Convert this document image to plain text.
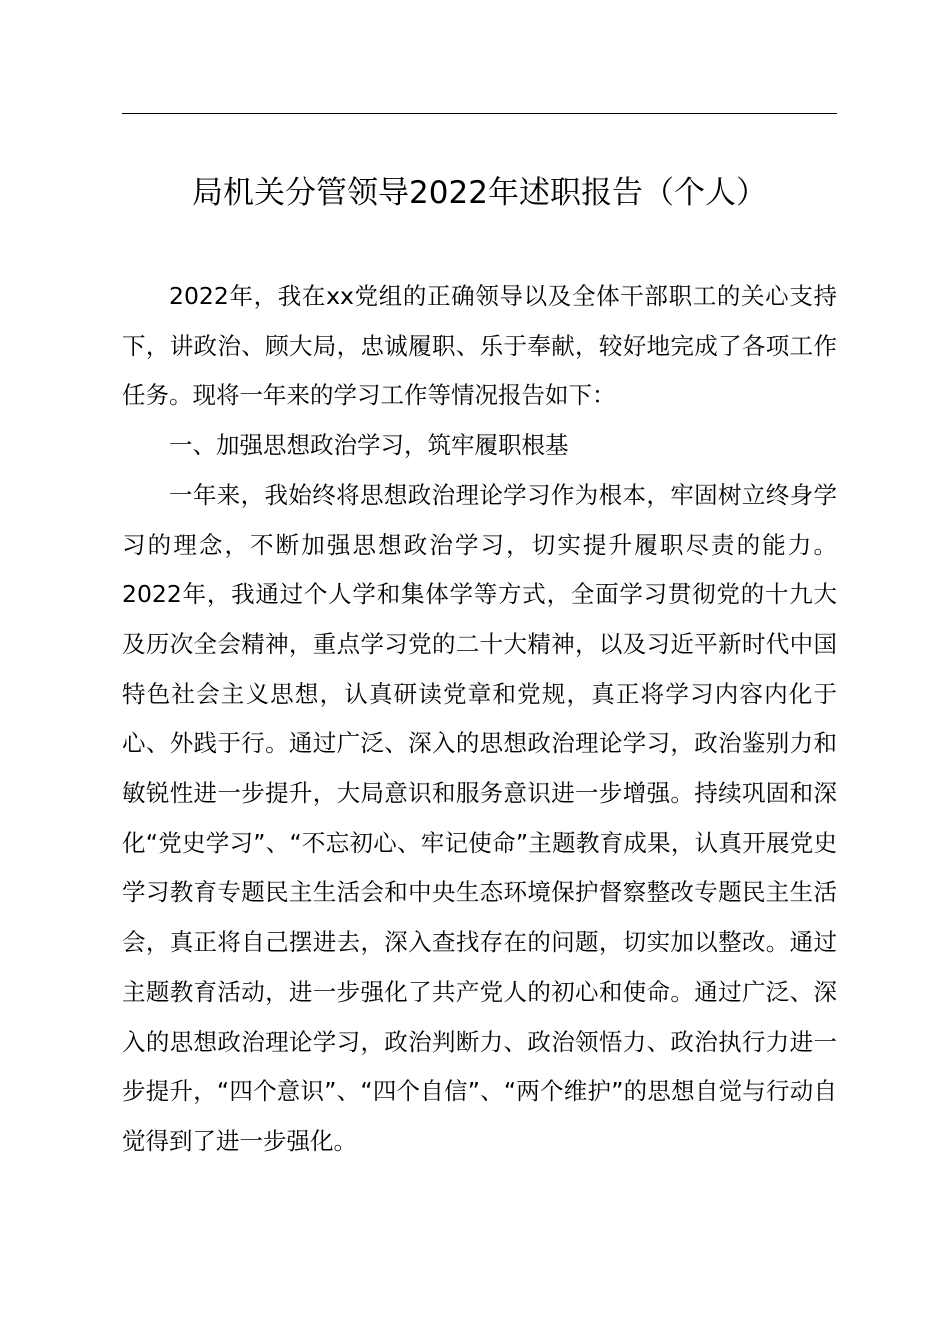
局机关分管领导2022年述职报告（个人）

2022年，我在xx党组的正确领导以及全体干部职工的关心支持下，讲政治、顾大局，忠诚履职、乐于奉献，较好地完成了各项工作任务。现将一年来的学习工作等情况报告如下：

一、加强思想政治学习，筑牢履职根基

一年来，我始终将思想政治理论学习作为根本，牢固树立终身学习的理念，不断加强思想政治学习，切实提升履职尽责的能力。2022年，我通过个人学和集体学等方式，全面学习贯彻党的十九大及历次全会精神，重点学习党的二十大精神，以及习近平新时代中国特色社会主义思想，认真研读党章和党规，真正将学习内容内化于心、外践于行。通过广泛、深入的思想政治理论学习，政治鉴别力和敏锐性进一步提升，大局意识和服务意识进一步增强。持续巩固和深化“党史学习”、“不忘初心、牢记使命”主题教育成果，认真开展党史学习教育专题民主生活会和中央生态环境保护督察整改专题民主生活会，真正将自己摆进去，深入查找存在的问题，切实加以整改。通过主题教育活动，进一步强化了共产党人的初心和使命。通过广泛、深入的思想政治理论学习，政治判断力、政治领悟力、政治执行力进一步提升，“四个意识”、“四个自信”、“两个维护”的思想自觉与行动自觉得到了进一步强化。
